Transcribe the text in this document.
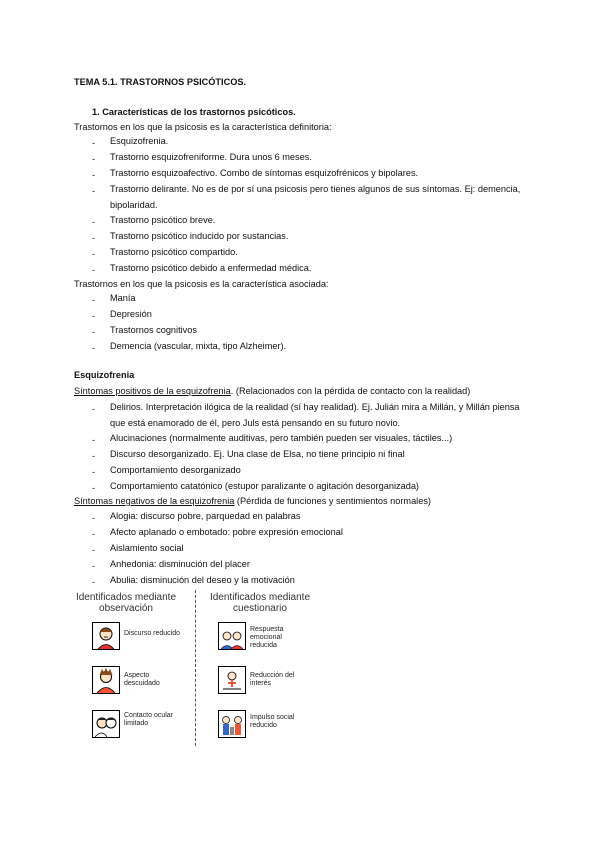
TEMA 5.1. TRASTORNOS PSICÓTICOS.
1. Características de los trastornos psicóticos.
Trastornos en los que la psicosis es la característica definitoria:
- Esquizofrenia.
- Trastorno esquizofreniforme. Dura unos 6 meses.
- Trastorno esquizoafectivo. Combo de síntomas esquizofrénicos y bipolares.
- Trastorno delirante. No es de por sí una psicosis pero tienes algunos de sus síntomas. Ej: demencia, bipolaridad.
- Trastorno psicótico breve.
- Trastorno psicótico inducido por sustancias.
- Trastorno psicótico compartido.
- Trastorno psicótico debido a enfermedad médica.
Trastornos en los que la psicosis es la característica asociada:
- Manía
- Depresión
- Trastornos cognitivos
- Demencia (vascular, mixta, tipo Alzheimer).
Esquizofrenia
Síntomas positivos de la esquizofrenia. (Relacionados con la pérdida de contacto con la realidad)
- Delirios. Interpretación ilógica de la realidad (sí hay realidad). Ej. Julián mira a Millán, y Millán piensa que está enamorado de él, pero Juls está pensando en su futuro novio.
- Alucinaciones (normalmente auditivas, pero también pueden ser visuales, táctiles...)
- Discurso desorganizado. Ej. Una clase de Elsa, no tiene principio ni final
- Comportamiento desorganizado
- Comportamiento catatónico (estupor paralizante o agitación desorganizada)
Síntomas negativos de la esquizofrenia (Pérdida de funciones y sentimientos normales)
- Alogia: discurso pobre, parquedad en palabras
- Afecto aplanado o embotado: pobre expresión emocional
- Aislamiento social
- Anhedonia: disminución del placer
- Abulia: disminución del deseo y la motivación
Identificados mediante observación
Identificados mediante cuestionario
Discurso reducido
Aspecto descuidado
Contacto ocular limitado
Respuesta emocional reducida
Reducción del interés
Impulso social reducido
